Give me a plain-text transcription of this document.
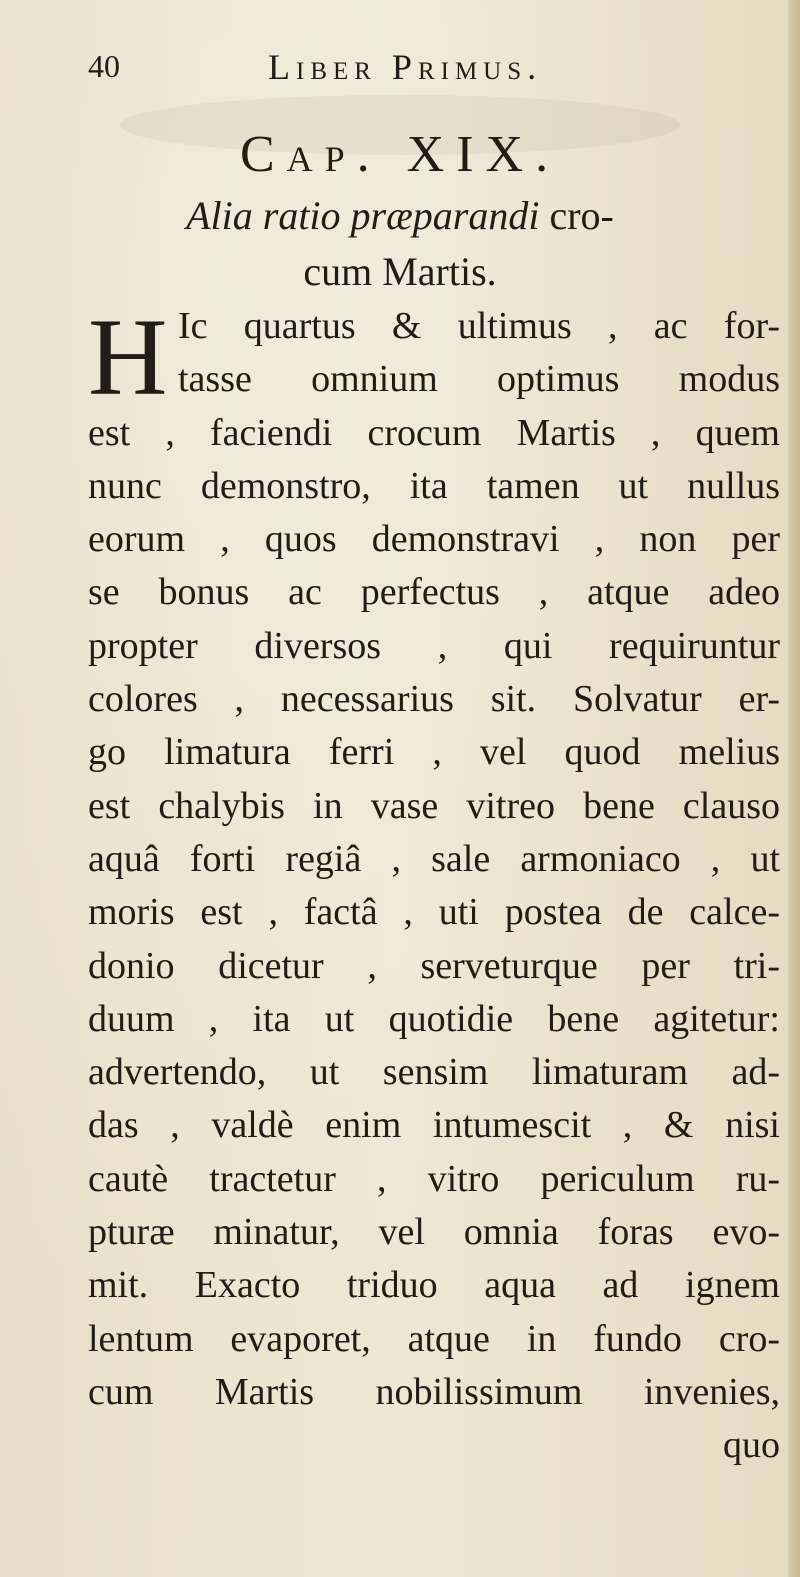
40	Liber Primus.
Cap. XIX.
Alia ratio præparandi cro-
cum Martis.
H Ic quartus & ultimus , ac for-
tasse omnium optimus modus
est , faciendi crocum Martis , quem
nunc demonstro, ita tamen ut nullus
eorum , quos demonstravi , non per
se bonus ac perfectus , atque adeo
propter diversos , qui requiruntur
colores , necessarius sit. Solvatur er-
go limatura ferri , vel quod melius
est chalybis in vase vitreo bene clauso
aquâ forti regiâ , sale armoniaco , ut
moris est , factâ , uti postea de calce-
donio dicetur , serveturque per tri-
duum , ita ut quotidie bene agitetur:
advertendo, ut sensim limaturam ad-
das , valdè enim intumescit , & nisi
cautè tractetur , vitro periculum ru-
pturæ minatur, vel omnia foras evo-
mit. Exacto triduo aqua ad ignem
lentum evaporet, atque in fundo cro-
cum Martis nobilissimum invenies,
quo
